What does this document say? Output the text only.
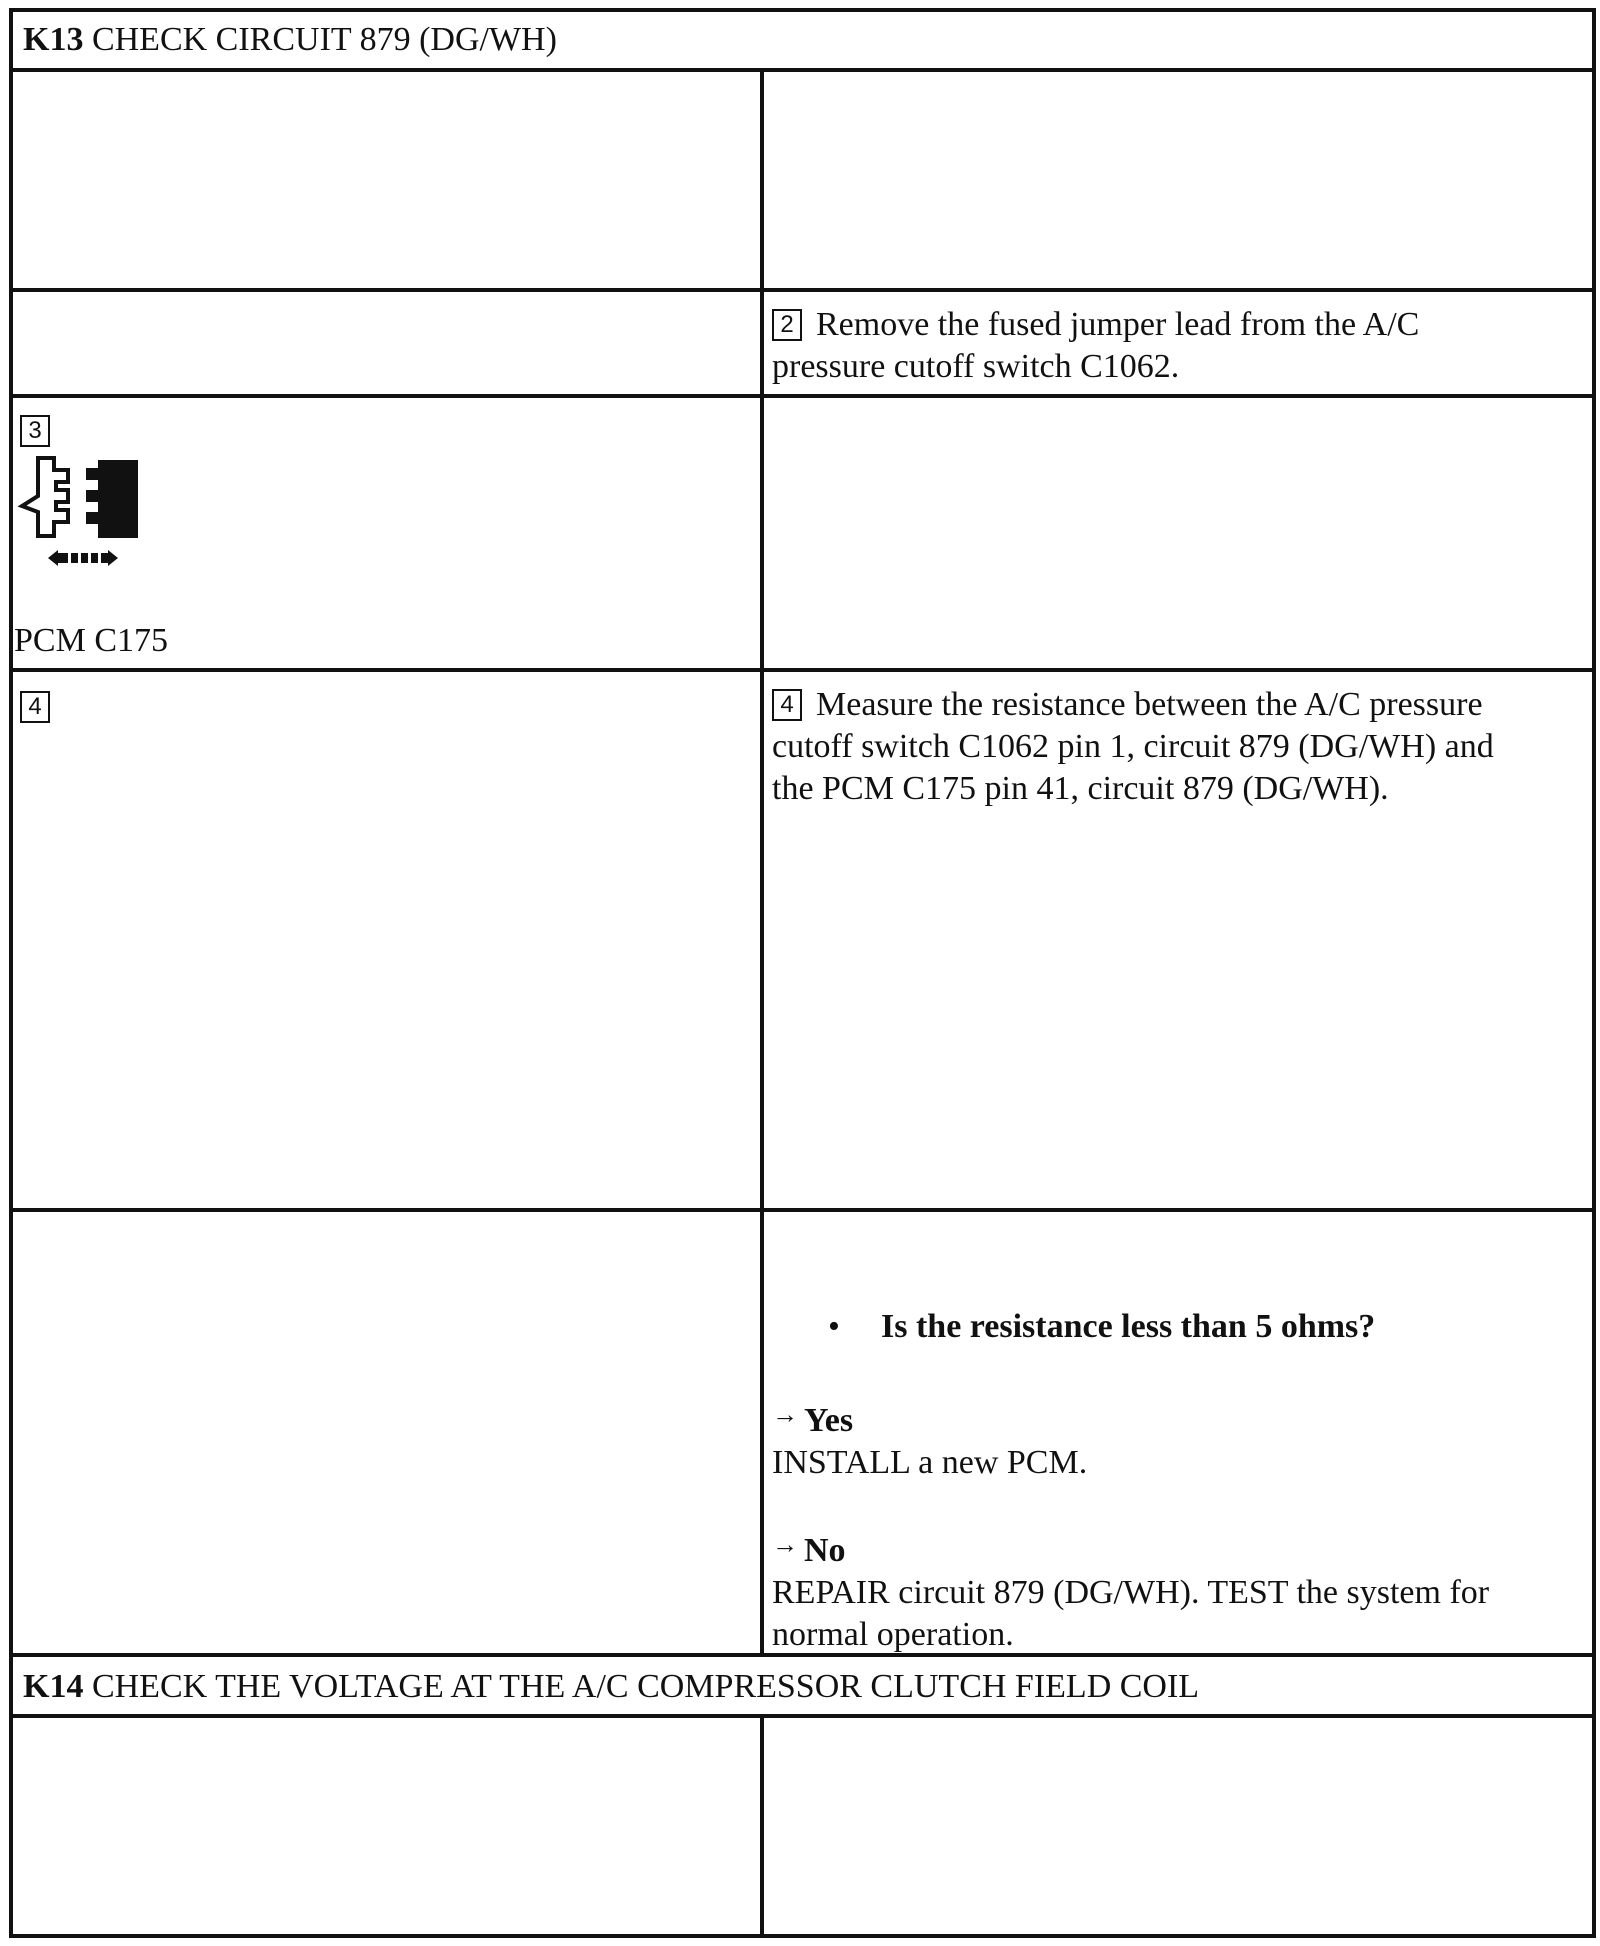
K13 CHECK CIRCUIT 879 (DG/WH)
2 Remove the fused jumper lead from the A/C
pressure cutoff switch C1062.
3
PCM C175
4	4 Measure the resistance between the A/C pressure
cutoff switch C1062 pin 1, circuit 879 (DG/WH) and
the PCM C175 pin 41, circuit 879 (DG/WH).
• Is the resistance less than 5 ohms?
→ Yes
INSTALL a new PCM.
→ No
REPAIR circuit 879 (DG/WH). TEST the system for
normal operation.
K14 CHECK THE VOLTAGE AT THE A/C COMPRESSOR CLUTCH FIELD COIL
